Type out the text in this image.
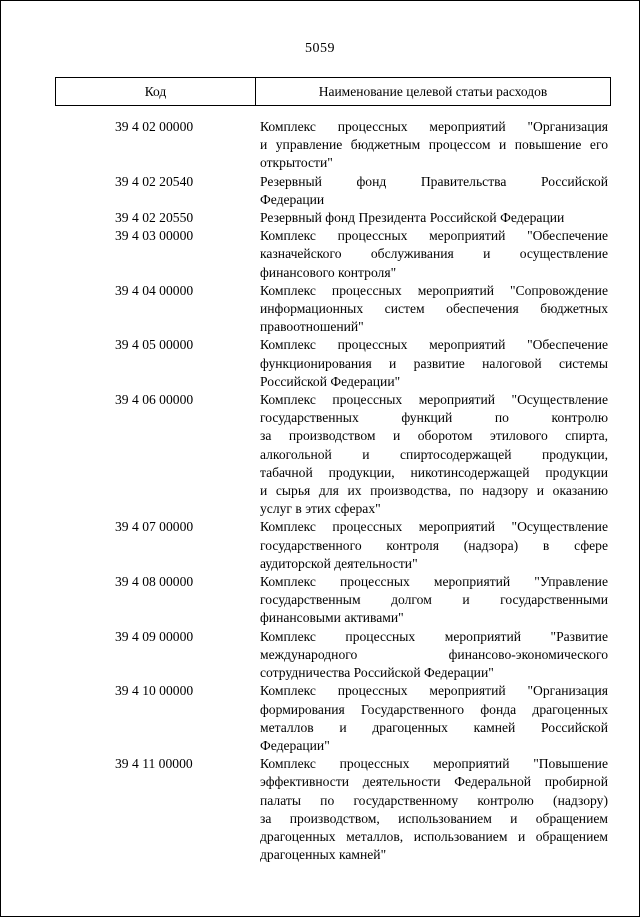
5059
Код	Наименование целевой статьи расходов
39 4 02 00000	Комплекс процессных мероприятий "Организация
и управление бюджетным процессом и повышение его
открытости"
39 4 02 20540	Резервный фонд Правительства Российской
Федерации
39 4 02 20550	Резервный фонд Президента Российской Федерации
39 4 03 00000	Комплекс процессных мероприятий "Обеспечение
казначейского обслуживания и осуществление
финансового контроля"
39 4 04 00000	Комплекс процессных мероприятий "Сопровождение
информационных систем обеспечения бюджетных
правоотношений"
39 4 05 00000	Комплекс процессных мероприятий "Обеспечение
функционирования и развитие налоговой системы
Российской Федерации"
39 4 06 00000	Комплекс процессных мероприятий "Осуществление
государственных функций по контролю
за производством и оборотом этилового спирта,
алкогольной и спиртосодержащей продукции,
табачной продукции, никотинсодержащей продукции
и сырья для их производства, по надзору и оказанию
услуг в этих сферах"
39 4 07 00000	Комплекс процессных мероприятий "Осуществление
государственного контроля (надзора) в сфере
аудиторской деятельности"
39 4 08 00000	Комплекс процессных мероприятий "Управление
государственным долгом и государственными
финансовыми активами"
39 4 09 00000	Комплекс процессных мероприятий "Развитие
международного финансово-экономического
сотрудничества Российской Федерации"
39 4 10 00000	Комплекс процессных мероприятий "Организация
формирования Государственного фонда драгоценных
металлов и драгоценных камней Российской
Федерации"
39 4 11 00000	Комплекс процессных мероприятий "Повышение
эффективности деятельности Федеральной пробирной
палаты по государственному контролю (надзору)
за производством, использованием и обращением
драгоценных металлов, использованием и обращением
драгоценных камней"
